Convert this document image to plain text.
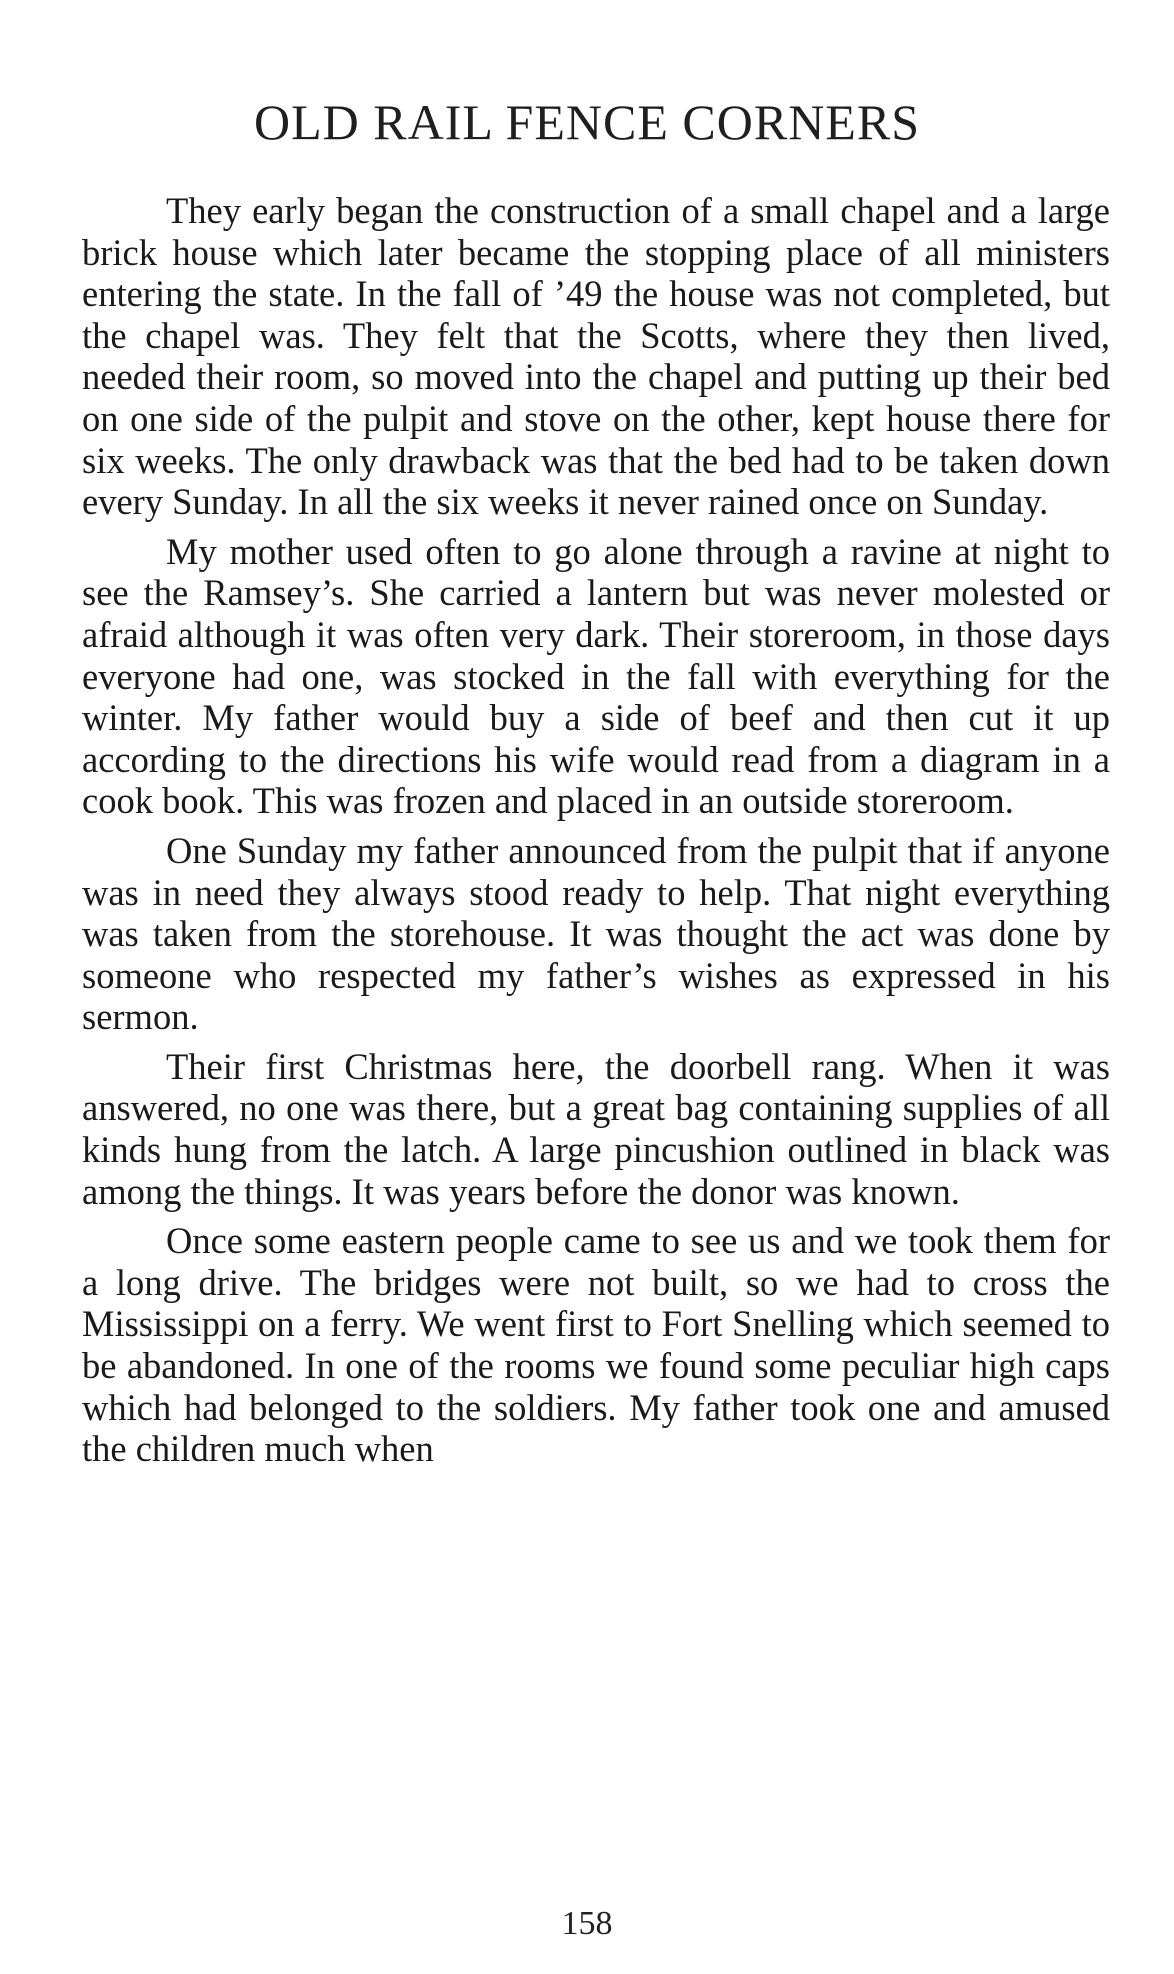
OLD RAIL FENCE CORNERS

They early began the construction of a small chapel and a large brick house which later became the stopping place of all ministers entering the state. In the fall of ’49 the house was not completed, but the chapel was. They felt that the Scotts, where they then lived, needed their room, so moved into the chapel and putting up their bed on one side of the pulpit and stove on the other, kept house there for six weeks. The only drawback was that the bed had to be taken down every Sunday. In all the six weeks it never rained once on Sunday.

My mother used often to go alone through a ravine at night to see the Ramsey’s. She carried a lantern but was never molested or afraid although it was often very dark. Their storeroom, in those days everyone had one, was stocked in the fall with everything for the winter. My father would buy a side of beef and then cut it up according to the directions his wife would read from a diagram in a cook book. This was frozen and placed in an outside storeroom.

One Sunday my father announced from the pulpit that if anyone was in need they always stood ready to help. That night everything was taken from the storehouse. It was thought the act was done by someone who respected my father’s wishes as expressed in his sermon.

Their first Christmas here, the doorbell rang. When it was answered, no one was there, but a great bag containing supplies of all kinds hung from the latch. A large pincushion outlined in black was among the things. It was years before the donor was known.

Once some eastern people came to see us and we took them for a long drive. The bridges were not built, so we had to cross the Mississippi on a ferry. We went first to Fort Snelling which seemed to be abandoned. In one of the rooms we found some peculiar high caps which had belonged to the soldiers. My father took one and amused the children much when

158
